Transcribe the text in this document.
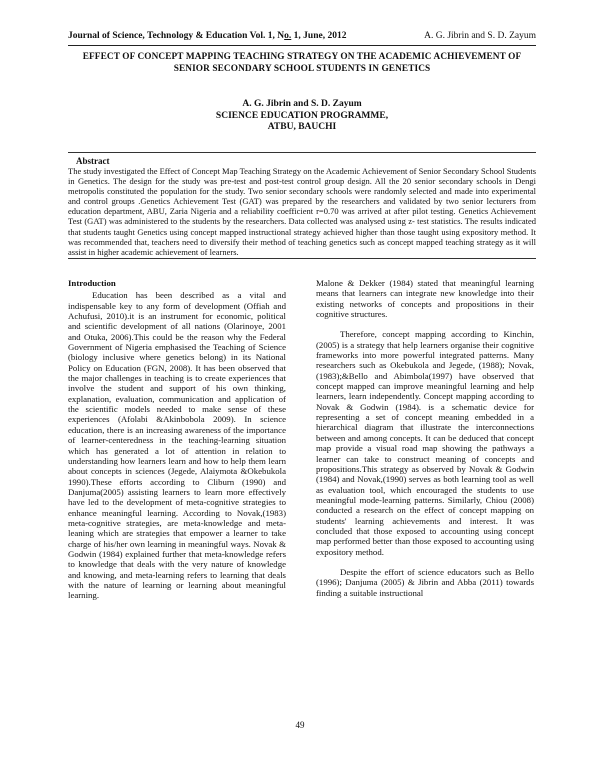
Journal of Science, Technology & Education Vol. 1, No. 1, June, 2012	A. G. Jibrin and S. D. Zayum
EFFECT OF CONCEPT MAPPING TEACHING STRATEGY ON THE ACADEMIC ACHIEVEMENT OF SENIOR SECONDARY SCHOOL STUDENTS IN GENETICS
A. G. Jibrin and S. D. Zayum
SCIENCE EDUCATION PROGRAMME,
ATBU, BAUCHI
Abstract
The study investigated the Effect of Concept Map Teaching Strategy on the Academic Achievement of Senior Secondary School Students in Genetics. The design for the study was pre-test and post-test control group design. All the 20 senior secondary schools in Dengi metropolis constituted the population for the study. Two senior secondary schools were randomly selected and made into experimental and control groups .Genetics Achievement Test (GAT) was prepared by the researchers and validated by two senior lecturers from education department, ABU, Zaria Nigeria and a reliability coefficient r=0.70 was arrived at after pilot testing. Genetics Achievement Test (GAT) was administered to the students by the researchers. Data collected was analysed using z- test statistics. The results indicated that students taught Genetics using concept mapped instructional strategy achieved higher than those taught using expository method. It was recommended that, teachers need to diversify their method of teaching genetics such as concept mapped teaching strategy as it will assist in higher academic achievement of learners.

Introduction

Education has been described as a vital and indispensable key to any form of development (Offiah and Achufusi, 2010).it is an instrument for economic, political and scientific development of all nations (Olarinoye, 2001 and Otuka, 2006).This could be the reason why the Federal Government of Nigeria emphasised the Teaching of Science (biology inclusive where genetics belong) in its National Policy on Education (FGN, 2008). It has been observed that the major challenges in teaching is to create experiences that involve the student and support of his own thinking, explanation, evaluation, communication and application of the scientific models needed to make sense of these experiences (Afolabi &Akinbobola 2009). In science education, there is an increasing awareness of the importance of learner-centeredness in the teaching-learning situation which has generated a lot of attention in relation to understanding how learners learn and how to help them learn about concepts in sciences (Jegede, Alaiymota &Okebukola 1990).These efforts according to Cliburn (1990) and Danjuma(2005) assisting learners to learn more effectively have led to the development of meta-cognitive strategies to enhance meaningful learning. According to Novak,(1983) meta-cognitive strategies, are meta-knowledge and meta-leaning which are strategies that empower a learner to take charge of his/her own learning in meaningful ways. Novak & Godwin (1984) explained further that meta-knowledge refers to knowledge that deals with the very nature of knowledge and knowing, and meta-learning refers to learning that deals with the nature of learning or learning about meaningful learning.

Malone & Dekker (1984) stated that meaningful learning means that learners can integrate new knowledge into their existing networks of concepts and propositions in their cognitive structures.

Therefore, concept mapping according to Kinchin,(2005) is a strategy that help learners organise their cognitive frameworks into more powerful integrated patterns. Many researchers such as Okebukola and Jegede, (1988); Novak,(1983);&Bello and Abimbola(1997) have observed that concept mapped can improve meaningful learning and help learners, learn independently. Concept mapping according to Novak & Godwin (1984). is a schematic device for representing a set of concept meaning embedded in a hierarchical diagram that illustrate the interconnections between and among concepts. It can be deduced that concept map provide a visual road map showing the pathways a learner can take to construct meaning of concepts and propositions.This strategy as observed by Novak & Godwin (1984) and Novak,(1990) serves as both learning tool as well as evaluation tool, which encouraged the students to use meaningful mode-learning patterns. Similarly, Chiou (2008) conducted a research on the effect of concept mapping on students' learning achievements and interest. It was concluded that those exposed to accounting using concept map performed better than those exposed to accounting using expository method.

Despite the effort of science educators such as Bello (1996); Danjuma (2005) & Jibrin and Abba (2011) towards finding a suitable instructional

49
